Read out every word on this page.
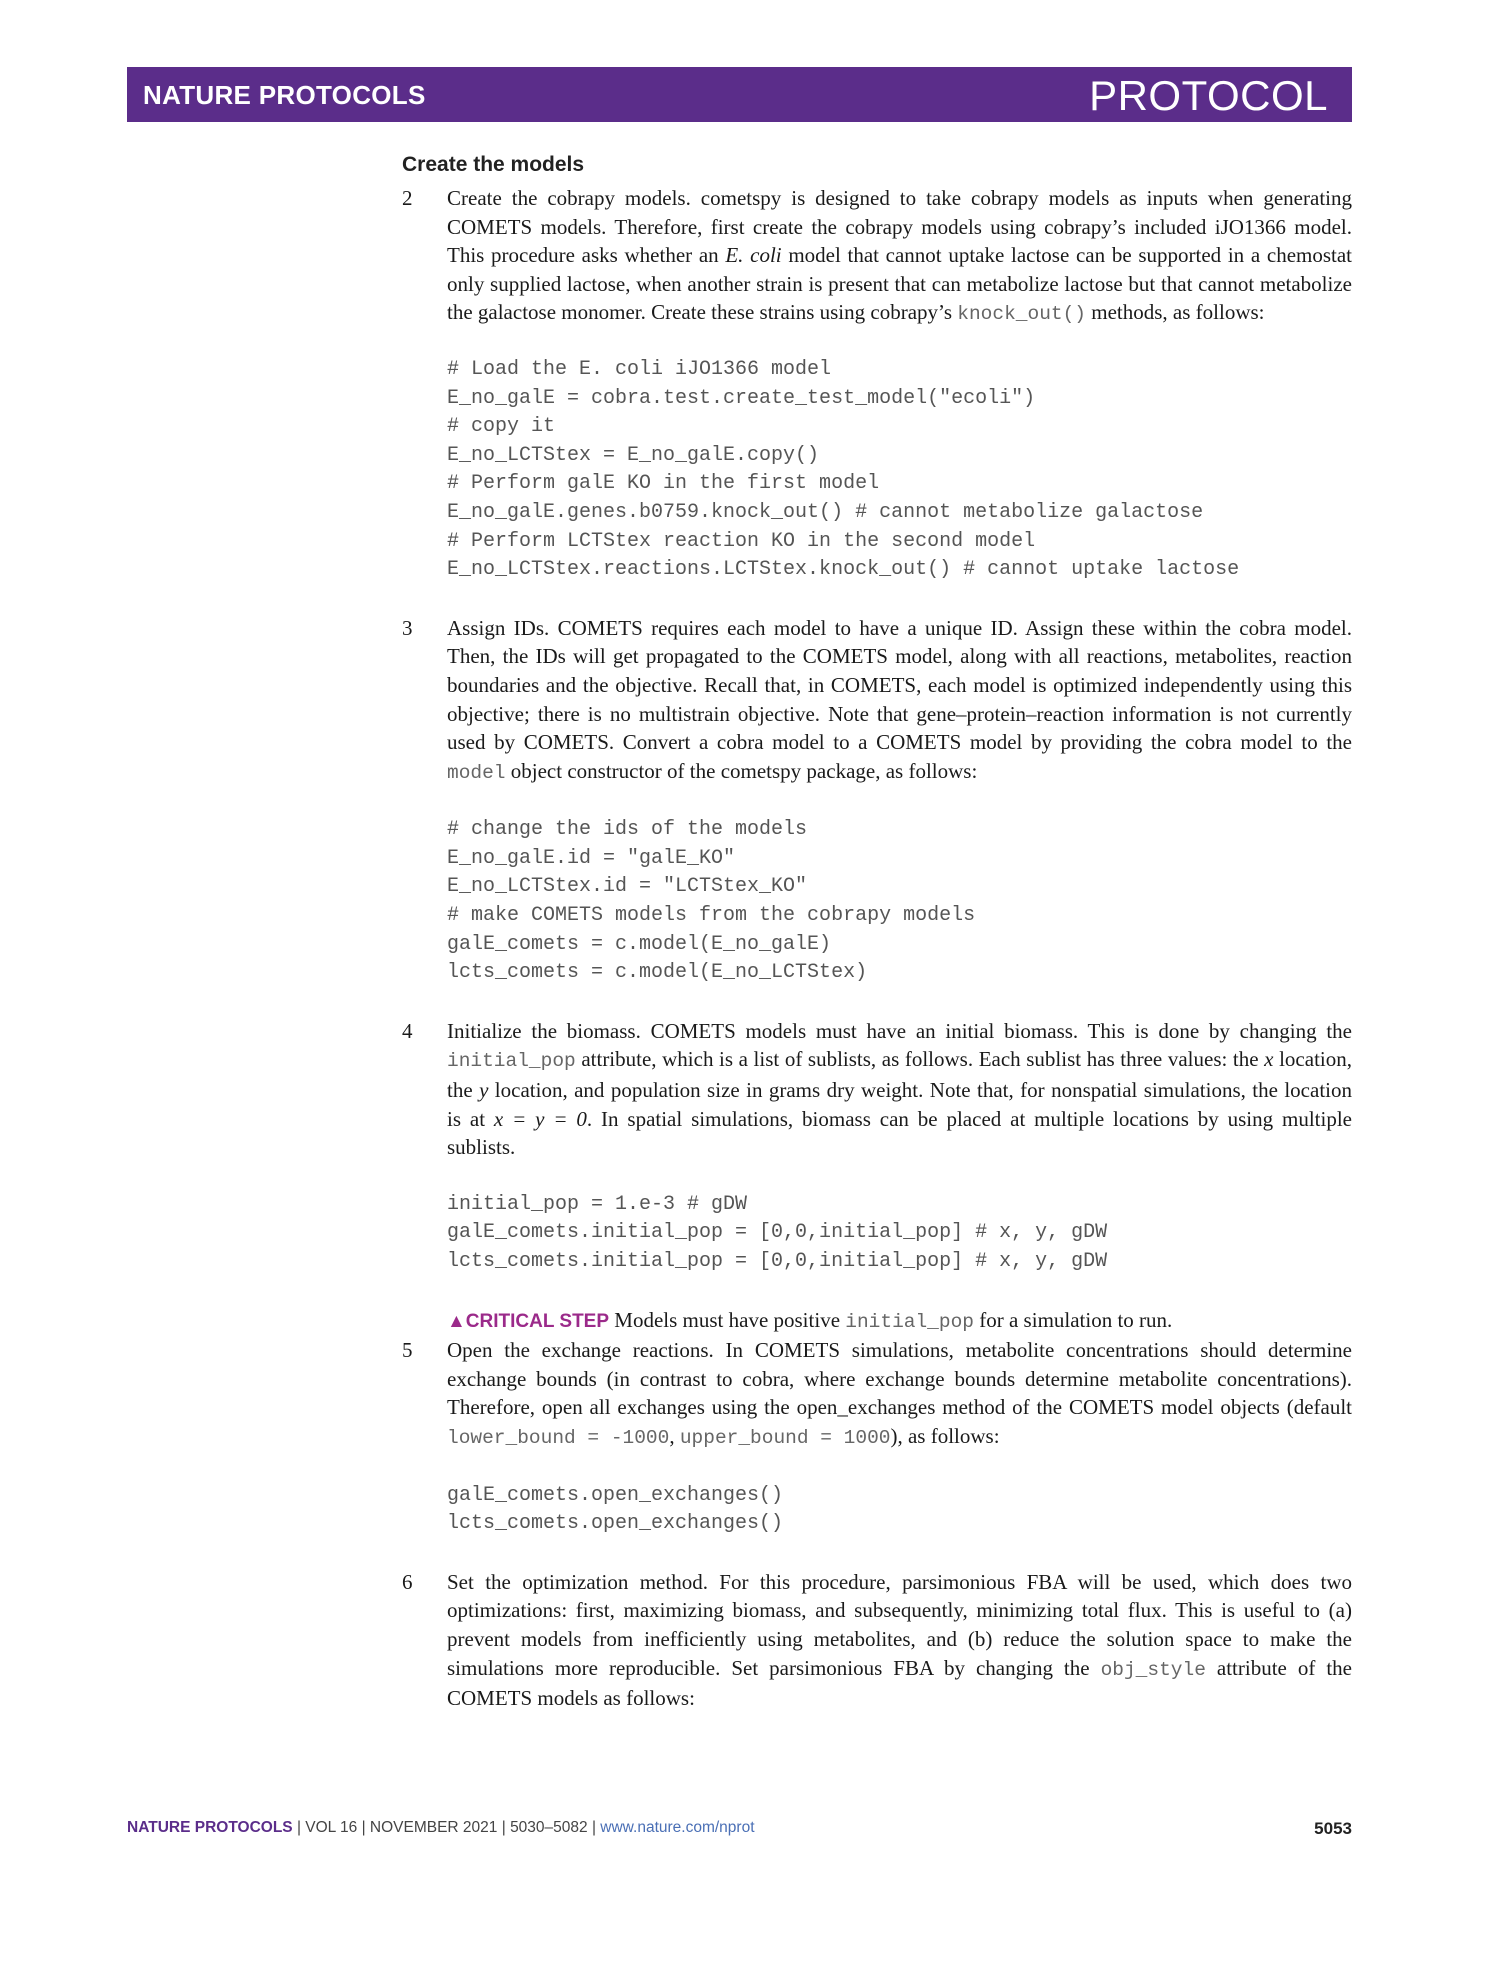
NATURE PROTOCOLS	PROTOCOL
Create the models
2 Create the cobrapy models. cometspy is designed to take cobrapy models as inputs when generating COMETS models. Therefore, first create the cobrapy models using cobrapy’s included iJO1366 model. This procedure asks whether an E. coli model that cannot uptake lactose can be supported in a chemostat only supplied lactose, when another strain is present that can metabolize lactose but that cannot metabolize the galactose monomer. Create these strains using cobrapy’s knock_out() methods, as follows:

# Load the E. coli iJO1366 model
E_no_galE = cobra.test.create_test_model("ecoli")
# copy it
E_no_LCTStex = E_no_galE.copy()
# Perform galE KO in the first model
E_no_galE.genes.b0759.knock_out() # cannot metabolize galactose
# Perform LCTStex reaction KO in the second model
E_no_LCTStex.reactions.LCTStex.knock_out() # cannot uptake lactose
3 Assign IDs. COMETS requires each model to have a unique ID. Assign these within the cobra model. Then, the IDs will get propagated to the COMETS model, along with all reactions, metabolites, reaction boundaries and the objective. Recall that, in COMETS, each model is optimized independently using this objective; there is no multistrain objective. Note that gene–protein–reaction information is not currently used by COMETS. Convert a cobra model to a COMETS model by providing the cobra model to the model object constructor of the cometspy package, as follows:

# change the ids of the models
E_no_galE.id = "galE_KO"
E_no_LCTStex.id = "LCTStex_KO"
# make COMETS models from the cobrapy models
galE_comets = c.model(E_no_galE)
lcts_comets = c.model(E_no_LCTStex)
4 Initialize the biomass. COMETS models must have an initial biomass. This is done by changing the initial_pop attribute, which is a list of sublists, as follows. Each sublist has three values: the x location, the y location, and population size in grams dry weight. Note that, for nonspatial simulations, the location is at x = y = 0. In spatial simulations, biomass can be placed at multiple locations by using multiple sublists.

initial_pop = 1.e-3 # gDW
galE_comets.initial_pop = [0,0,initial_pop] # x, y, gDW
lcts_comets.initial_pop = [0,0,initial_pop] # x, y, gDW

▲CRITICAL STEP Models must have positive initial_pop for a simulation to run.

5 Open the exchange reactions. In COMETS simulations, metabolite concentrations should determine exchange bounds (in contrast to cobra, where exchange bounds determine metabolite concentrations). Therefore, open all exchanges using the open_exchanges method of the COMETS model objects (default lower_bound = -1000, upper_bound = 1000), as follows:

galE_comets.open_exchanges()
lcts_comets.open_exchanges()
6 Set the optimization method. For this procedure, parsimonious FBA will be used, which does two optimizations: first, maximizing biomass, and subsequently, minimizing total flux. This is useful to (a) prevent models from inefficiently using metabolites, and (b) reduce the solution space to make the simulations more reproducible. Set parsimonious FBA by changing the obj_style attribute of the COMETS models as follows:

NATURE PROTOCOLS | VOL 16 | NOVEMBER 2021 | 5030–5082 | www.nature.com/nprot	5053
